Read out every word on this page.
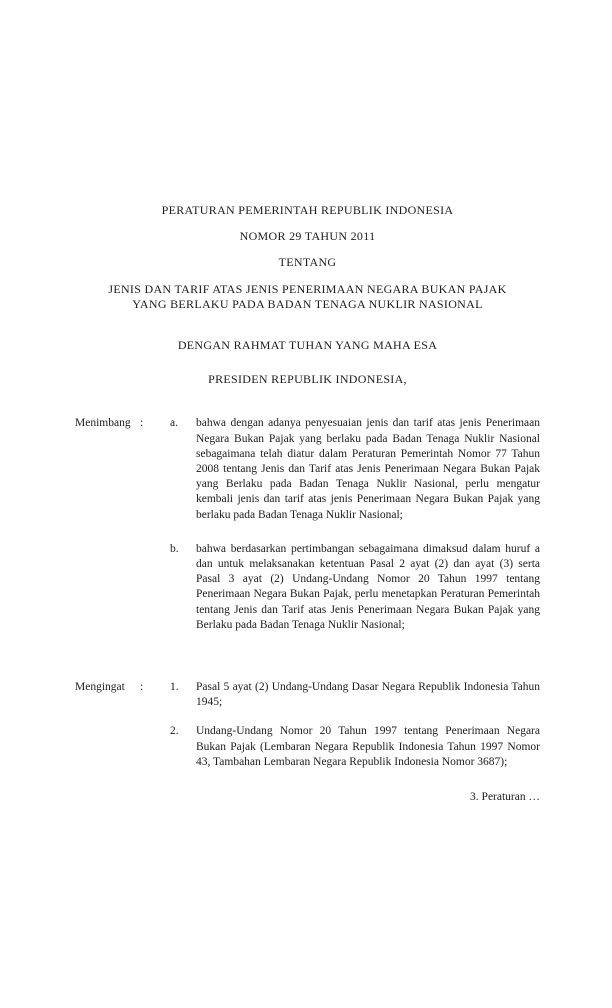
PERATURAN PEMERINTAH REPUBLIK INDONESIA
NOMOR 29 TAHUN 2011
TENTANG
JENIS DAN TARIF ATAS JENIS PENERIMAAN NEGARA BUKAN PAJAK
YANG BERLAKU PADA BADAN TENAGA NUKLIR NASIONAL
DENGAN RAHMAT TUHAN YANG MAHA ESA
PRESIDEN REPUBLIK INDONESIA,
Menimbang :	a.	bahwa dengan adanya penyesuaian jenis dan tarif atas jenis Penerimaan Negara Bukan Pajak yang berlaku pada Badan Tenaga Nuklir Nasional sebagaimana telah diatur dalam Peraturan Pemerintah Nomor 77 Tahun 2008 tentang Jenis dan Tarif atas Jenis Penerimaan Negara Bukan Pajak yang Berlaku pada Badan Tenaga Nuklir Nasional, perlu mengatur kembali jenis dan tarif atas jenis Penerimaan Negara Bukan Pajak yang berlaku pada Badan Tenaga Nuklir Nasional;
b.	bahwa berdasarkan pertimbangan sebagaimana dimaksud dalam huruf a dan untuk melaksanakan ketentuan Pasal 2 ayat (2) dan ayat (3) serta Pasal 3 ayat (2) Undang-Undang Nomor 20 Tahun 1997 tentang Penerimaan Negara Bukan Pajak, perlu menetapkan Peraturan Pemerintah tentang Jenis dan Tarif atas Jenis Penerimaan Negara Bukan Pajak yang Berlaku pada Badan Tenaga Nuklir Nasional;
Mengingat	:	1.	Pasal 5 ayat (2) Undang-Undang Dasar Negara Republik Indonesia Tahun 1945;
2.	Undang-Undang Nomor 20 Tahun 1997 tentang Penerimaan Negara Bukan Pajak (Lembaran Negara Republik Indonesia Tahun 1997 Nomor 43, Tambahan Lembaran Negara Republik Indonesia Nomor 3687);
3. Peraturan …
